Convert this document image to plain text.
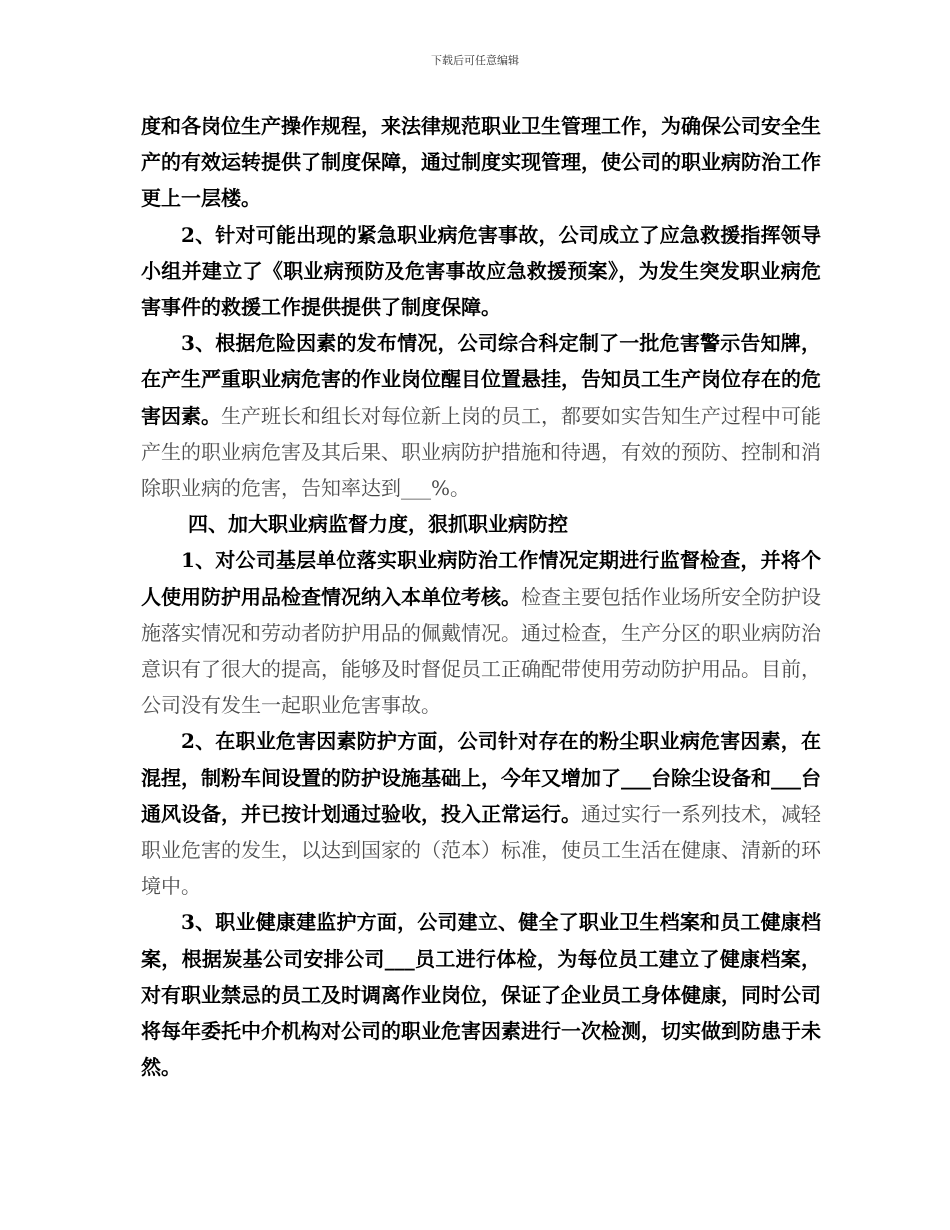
下载后可任意编辑

度和各岗位生产操作规程，来法律规范职业卫生管理工作，为确保公司安全生产的有效运转提供了制度保障，通过制度实现管理，使公司的职业病防治工作更上一层楼。

2、针对可能出现的紧急职业病危害事故，公司成立了应急救援指挥领导小组并建立了《职业病预防及危害事故应急救援预案》，为发生突发职业病危害事件的救援工作提供提供了制度保障。

3、根据危险因素的发布情况，公司综合科定制了一批危害警示告知牌，在产生严重职业病危害的作业岗位醒目位置悬挂，告知员工生产岗位存在的危害因素。生产班长和组长对每位新上岗的员工，都要如实告知生产过程中可能产生的职业病危害及其后果、职业病防护措施和待遇，有效的预防、控制和消除职业病的危害，告知率达到___%。

四、加大职业病监督力度，狠抓职业病防控

1、对公司基层单位落实职业病防治工作情况定期进行监督检查，并将个人使用防护用品检查情况纳入本单位考核。检查主要包括作业场所安全防护设施落实情况和劳动者防护用品的佩戴情况。通过检查，生产分区的职业病防治意识有了很大的提高，能够及时督促员工正确配带使用劳动防护用品。目前，公司没有发生一起职业危害事故。

2、在职业危害因素防护方面，公司针对存在的粉尘职业病危害因素，在混捏，制粉车间设置的防护设施基础上，今年又增加了___台除尘设备和___台通风设备，并已按计划通过验收，投入正常运行。通过实行一系列技术，减轻职业危害的发生，以达到国家的（范本）标准，使员工生活在健康、清新的环境中。

3、职业健康建监护方面，公司建立、健全了职业卫生档案和员工健康档案，根据炭基公司安排公司___员工进行体检，为每位员工建立了健康档案，对有职业禁忌的员工及时调离作业岗位，保证了企业员工身体健康，同时公司将每年委托中介机构对公司的职业危害因素进行一次检测，切实做到防患于未然。
